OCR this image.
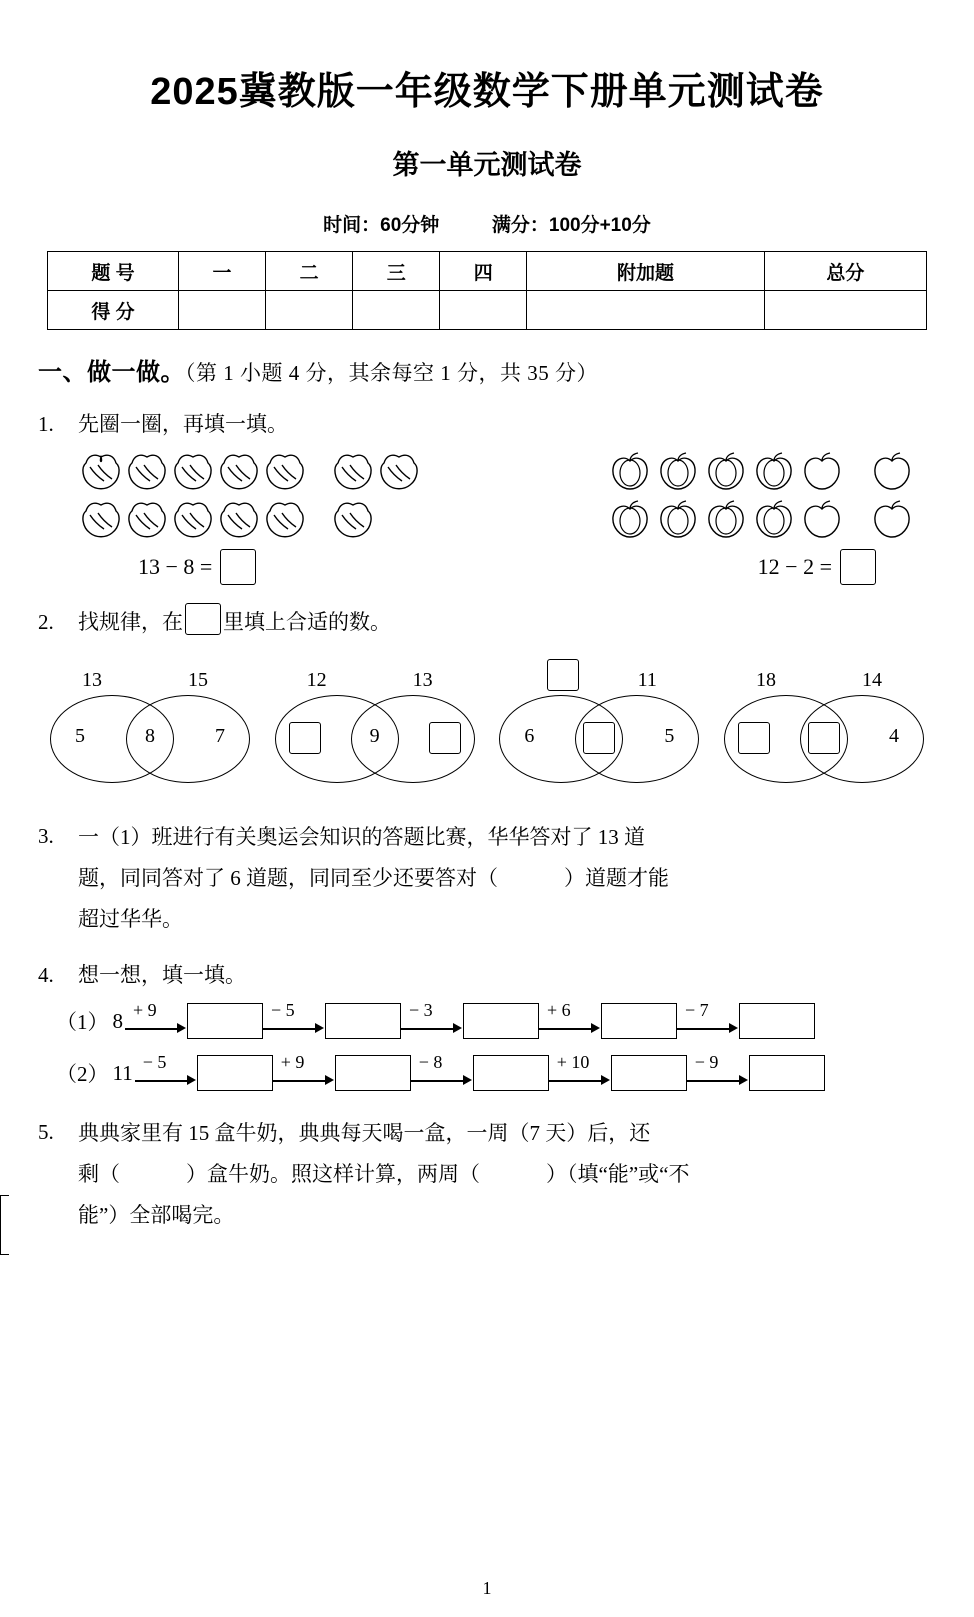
2025冀教版一年级数学下册单元测试卷
第一单元测试卷
时间：60分钟	满分：100分+10分
题 号	一	二	三	四	附加题	总分
得 分						
一、做一做。（第 1 小题 4 分，其余每空 1 分，共 35 分）
1.	先圈一圈，再填一填。
13 − 8 =	12 − 2 =
2.	找规律，在 里填上合适的数。
13	15
5	8	7
12	13
9
11
6	5
18	14
4
3.	一（1）班进行有关奥运会知识的答题比赛，华华答对了 13 道
题，同同答对了 6 道题，同同至少还要答对（	）道题才能
超过华华。
4.	想一想，填一填。
（1） 8 + 9	− 5	− 3	+ 6	− 7
（2） 11 − 5	+ 9	− 8	+ 10	− 9
5.	典典家里有 15 盒牛奶，典典每天喝一盒，一周（7 天）后，还
剩（	）盒牛奶。照这样计算，两周（	）（填“能”或“不
能”）全部喝完。
1
